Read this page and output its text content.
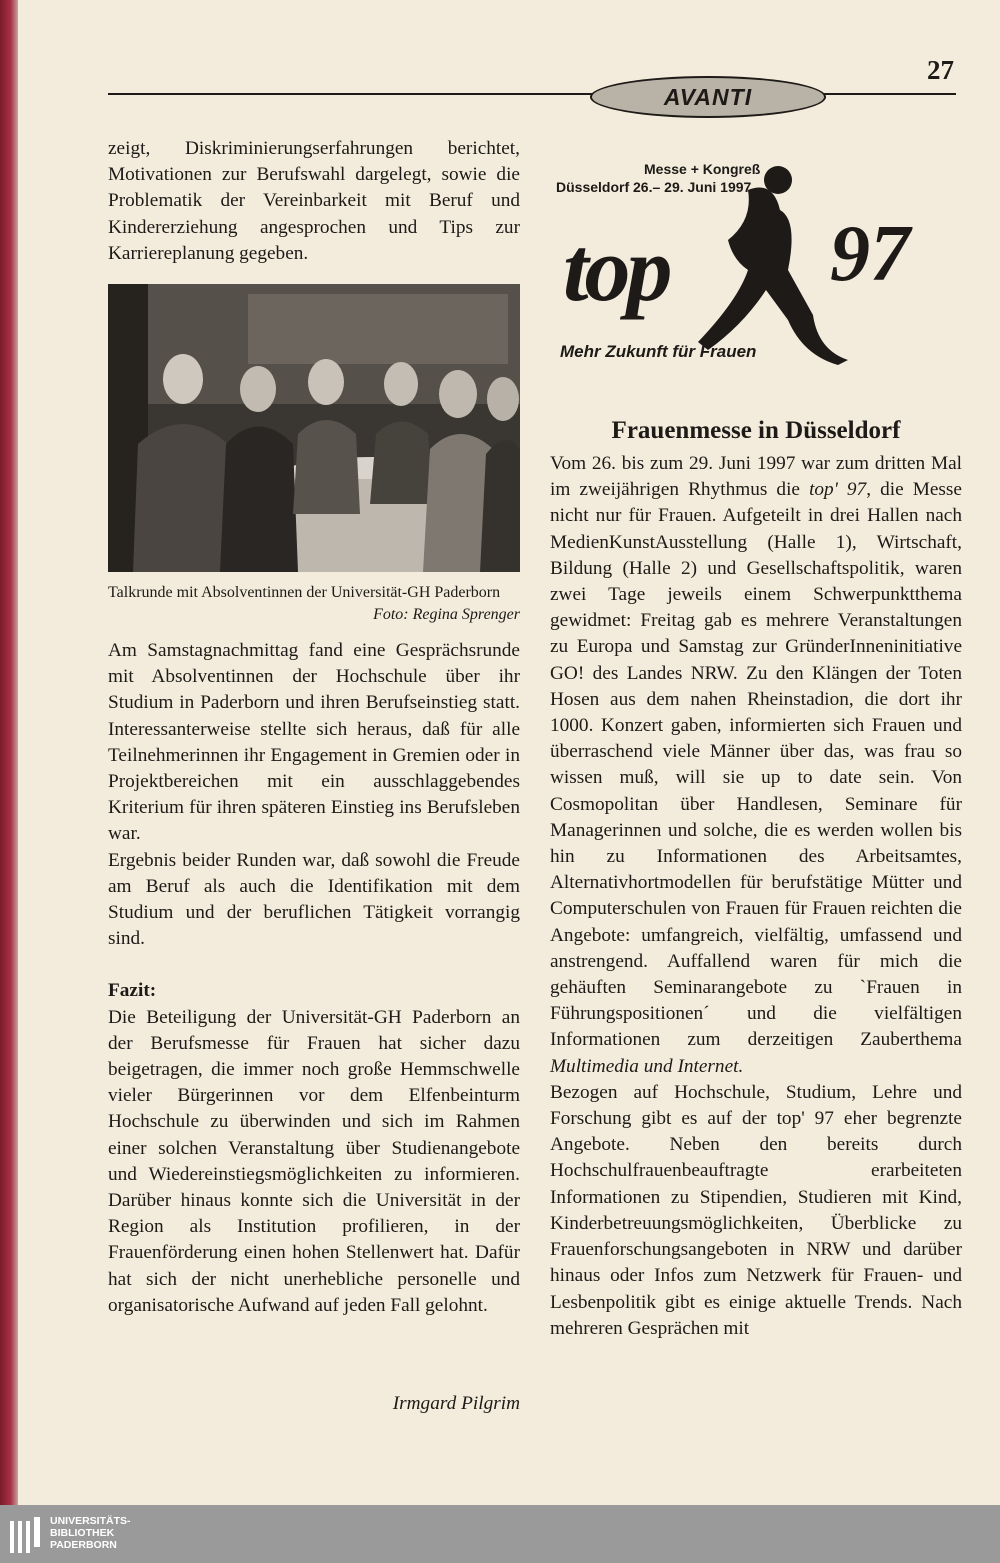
27
AVANTI

zeigt, Diskriminierungserfahrungen berichtet, Motivationen zur Berufswahl dargelegt, sowie die Problematik der Vereinbarkeit mit Beruf und Kindererziehung angesprochen und Tips zur Karriereplanung gegeben.

Talkrunde mit Absolventinnen der Universität-GH Paderborn
Foto: Regina Sprenger

Am Samstagnachmittag fand eine Gesprächsrunde mit Absolventinnen der Hochschule über ihr Studium in Paderborn und ihren Berufseinstieg statt. Interessanterweise stellte sich heraus, daß für alle Teilnehmerinnen ihr Engagement in Gremien oder in Projektbereichen mit ein ausschlaggebendes Kriterium für ihren späteren Einstieg ins Berufsleben war.

Ergebnis beider Runden war, daß sowohl die Freude am Beruf als auch die Identifikation mit dem Studium und der beruflichen Tätigkeit vorrangig sind.

Fazit:

Die Beteiligung der Universität-GH Paderborn an der Berufsmesse für Frauen hat sicher dazu beigetragen, die immer noch große Hemmschwelle vieler Bürgerinnen vor dem Elfenbeinturm Hochschule zu überwinden und sich im Rahmen einer solchen Veranstaltung über Studienangebote und Wiedereinstiegsmöglichkeiten zu informieren. Darüber hinaus konnte sich die Universität in der Region als Institution profilieren, in der Frauenförderung einen hohen Stellenwert hat. Dafür hat sich der nicht unerhebliche personelle und organisatorische Aufwand auf jeden Fall gelohnt.

Irmgard Pilgrim
top 97
Messe + Kongreß
Düsseldorf 26.– 29. Juni 1997
Mehr Zukunft für Frauen
Frauenmesse in Düsseldorf

Vom 26. bis zum 29. Juni 1997 war zum dritten Mal im zweijährigen Rhythmus die top' 97, die Messe nicht nur für Frauen. Aufgeteilt in drei Hallen nach MedienKunstAusstellung (Halle 1), Wirtschaft, Bildung (Halle 2) und Gesellschaftspolitik, waren zwei Tage jeweils einem Schwerpunktthema gewidmet: Freitag gab es mehrere Veranstaltungen zu Europa und Samstag zur GründerInneninitiative GO! des Landes NRW. Zu den Klängen der Toten Hosen aus dem nahen Rheinstadion, die dort ihr 1000. Konzert gaben, informierten sich Frauen und überraschend viele Männer über das, was frau so wissen muß, will sie up to date sein. Von Cosmopolitan über Handlesen, Seminare für Managerinnen und solche, die es werden wollen bis hin zu Informationen des Arbeitsamtes, Alternativhortmodellen für berufstätige Mütter und Computerschulen von Frauen für Frauen reichten die Angebote: umfangreich, vielfältig, umfassend und anstrengend. Auffallend waren für mich die gehäuften Seminarangebote zu `Frauen in Führungspositionen´ und die vielfältigen Informationen zum derzeitigen Zauberthema Multimedia und Internet.

Bezogen auf Hochschule, Studium, Lehre und Forschung gibt es auf der top' 97 eher begrenzte Angebote. Neben den bereits durch Hochschulfrauenbeauftragte erarbeiteten Informationen zu Stipendien, Studieren mit Kind, Kinderbetreuungsmöglichkeiten, Überblicke zu Frauenforschungsangeboten in NRW und darüber hinaus oder Infos zum Netzwerk für Frauen- und Lesbenpolitik gibt es einige aktuelle Trends. Nach mehreren Gesprächen mit

UNIVERSITÄTS-
BIBLIOTHEK
PADERBORN
